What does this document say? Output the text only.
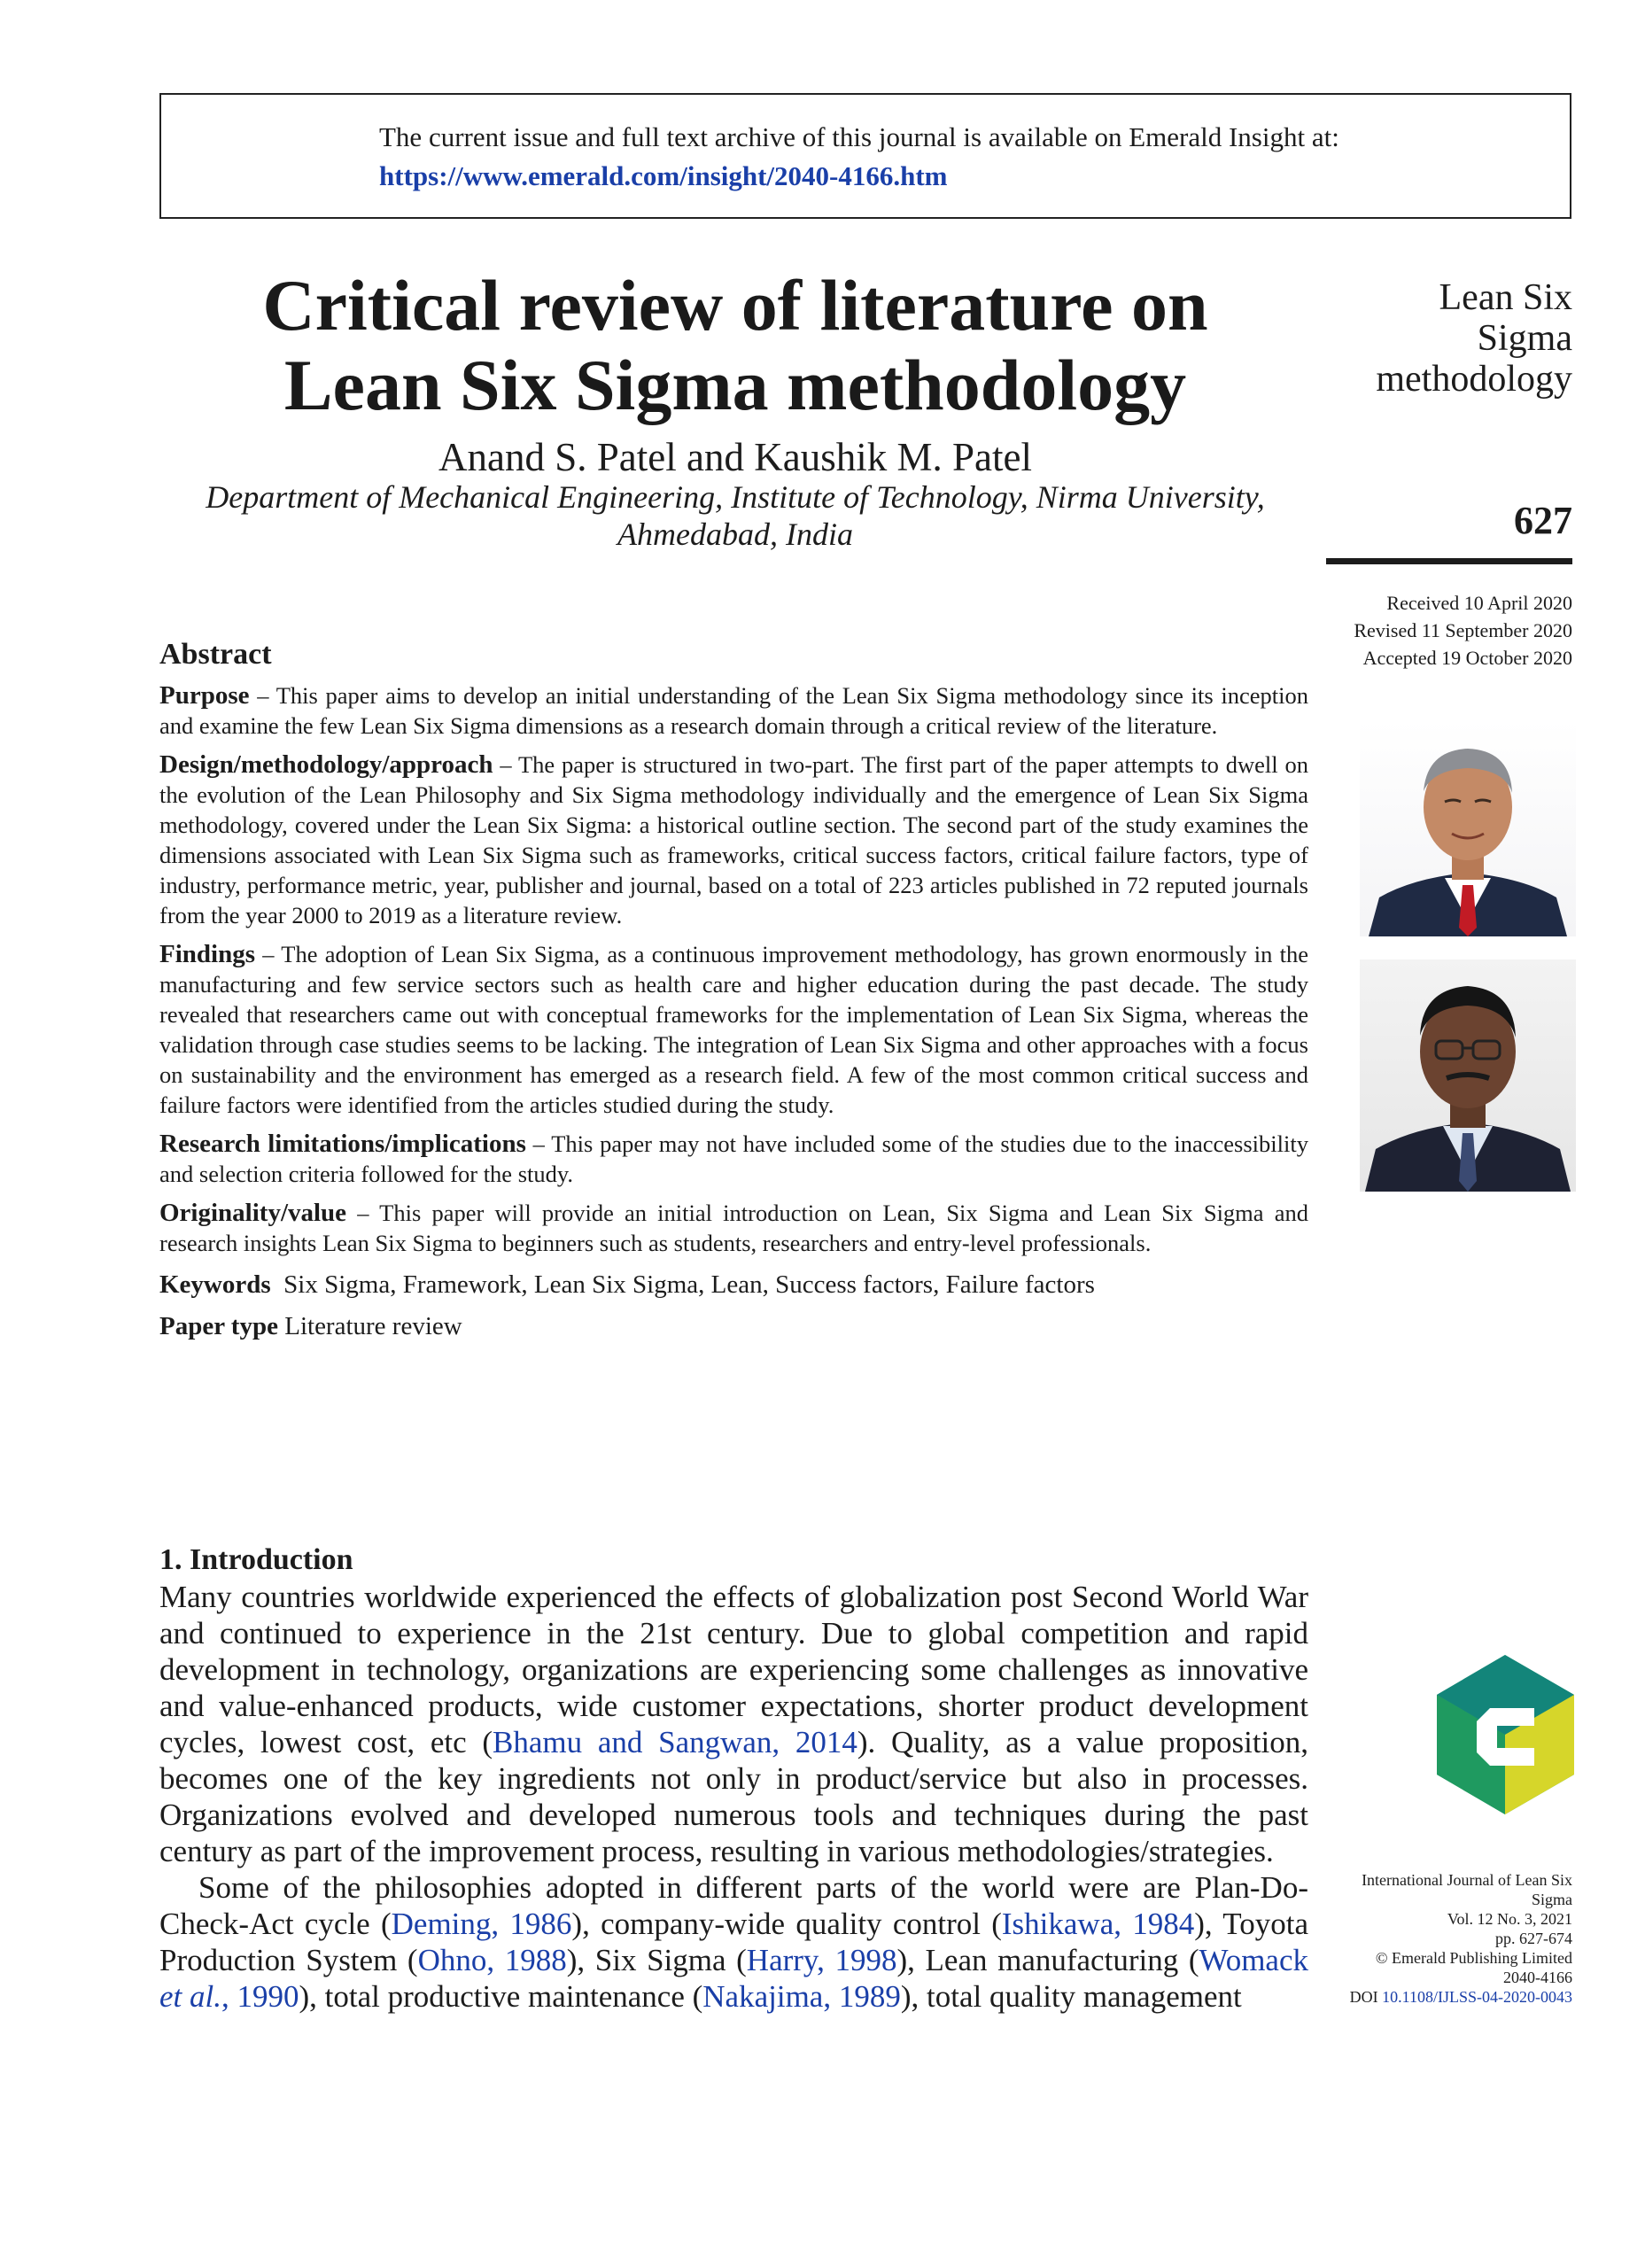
The current issue and full text archive of this journal is available on Emerald Insight at:
https://www.emerald.com/insight/2040-4166.htm
Critical review of literature on
Lean Six Sigma methodology

Anand S. Patel and Kaushik M. Patel

Department of Mechanical Engineering, Institute of Technology, Nirma University,
Ahmedabad, India

Lean Six
Sigma
methodology
627
Received 10 April 2020
Revised 11 September 2020
Accepted 19 October 2020
Abstract

Purpose – This paper aims to develop an initial understanding of the Lean Six Sigma methodology since its inception and examine the few Lean Six Sigma dimensions as a research domain through a critical review of the literature.

Design/methodology/approach – The paper is structured in two-part. The first part of the paper attempts to dwell on the evolution of the Lean Philosophy and Six Sigma methodology individually and the emergence of Lean Six Sigma methodology, covered under the Lean Six Sigma: a historical outline section. The second part of the study examines the dimensions associated with Lean Six Sigma such as frameworks, critical success factors, critical failure factors, type of industry, performance metric, year, publisher and journal, based on a total of 223 articles published in 72 reputed journals from the year 2000 to 2019 as a literature review.

Findings – The adoption of Lean Six Sigma, as a continuous improvement methodology, has grown enormously in the manufacturing and few service sectors such as health care and higher education during the past decade. The study revealed that researchers came out with conceptual frameworks for the implementation of Lean Six Sigma, whereas the validation through case studies seems to be lacking. The integration of Lean Six Sigma and other approaches with a focus on sustainability and the environment has emerged as a research field. A few of the most common critical success and failure factors were identified from the articles studied during the study.

Research limitations/implications – This paper may not have included some of the studies due to the inaccessibility and selection criteria followed for the study.

Originality/value – This paper will provide an initial introduction on Lean, Six Sigma and Lean Six Sigma and research insights Lean Six Sigma to beginners such as students, researchers and entry-level professionals.

Keywords Six Sigma, Framework, Lean Six Sigma, Lean, Success factors, Failure factors

Paper type Literature review

1. Introduction

Many countries worldwide experienced the effects of globalization post Second World War and continued to experience in the 21st century. Due to global competition and rapid development in technology, organizations are experiencing some challenges as innovative and value-enhanced products, wide customer expectations, shorter product development cycles, lowest cost, etc (Bhamu and Sangwan, 2014). Quality, as a value proposition, becomes one of the key ingredients not only in product/service but also in processes. Organizations evolved and developed numerous tools and techniques during the past century as part of the improvement process, resulting in various methodologies/strategies.

Some of the philosophies adopted in different parts of the world were are Plan-Do-Check-Act cycle (Deming, 1986), company-wide quality control (Ishikawa, 1984), Toyota Production System (Ohno, 1988), Six Sigma (Harry, 1998), Lean manufacturing (Womack et al., 1990), total productive maintenance (Nakajima, 1989), total quality management

International Journal of Lean Six
Sigma
Vol. 12 No. 3, 2021
pp. 627-674
© Emerald Publishing Limited
2040-4166
DOI 10.1108/IJLSS-04-2020-0043
